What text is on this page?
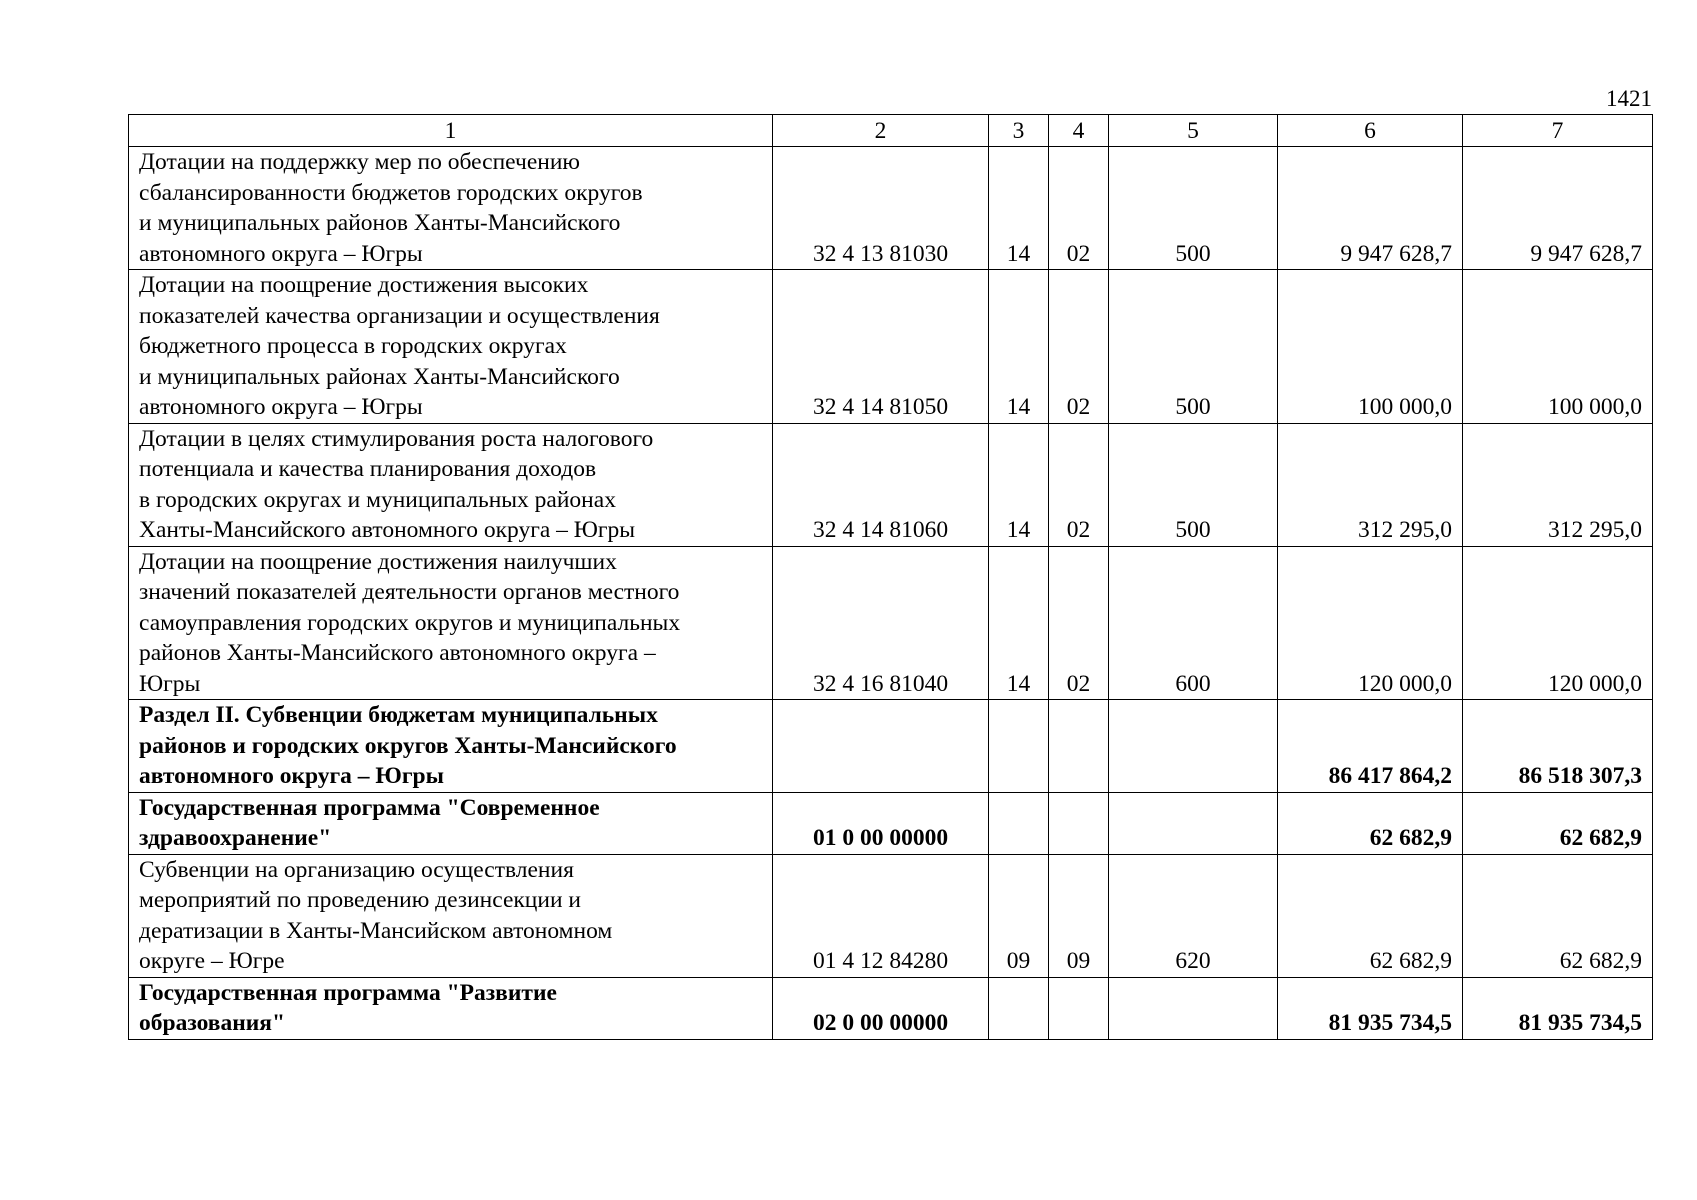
1421
1	2	3	4	5	6	7
Дотации на поддержку мер по обеспечению
сбалансированности бюджетов городских округов
и муниципальных районов Ханты-Мансийского
автономного округа – Югры	32 4 13 81030	14	02	500	9 947 628,7	9 947 628,7
Дотации на поощрение достижения высоких
показателей качества организации и осуществления
бюджетного процесса в городских округах
и муниципальных районах Ханты-Мансийского
автономного округа – Югры	32 4 14 81050	14	02	500	100 000,0	100 000,0
Дотации в целях стимулирования роста налогового
потенциала и качества планирования доходов
в городских округах и муниципальных районах
Ханты-Мансийского автономного округа – Югры	32 4 14 81060	14	02	500	312 295,0	312 295,0
Дотации на поощрение достижения наилучших
значений показателей деятельности органов местного
самоуправления городских округов и муниципальных
районов Ханты-Мансийского автономного округа –
Югры	32 4 16 81040	14	02	600	120 000,0	120 000,0
Раздел II. Субвенции бюджетам муниципальных
районов и городских округов Ханты-Мансийского
автономного округа – Югры					86 417 864,2	86 518 307,3
Государственная программа "Современное
здравоохранение"	01 0 00 00000				62 682,9	62 682,9
Субвенции на организацию осуществления
мероприятий по проведению дезинсекции и
дератизации в Ханты-Мансийском автономном
округе – Югре	01 4 12 84280	09	09	620	62 682,9	62 682,9
Государственная программа "Развитие
образования"	02 0 00 00000				81 935 734,5	81 935 734,5
